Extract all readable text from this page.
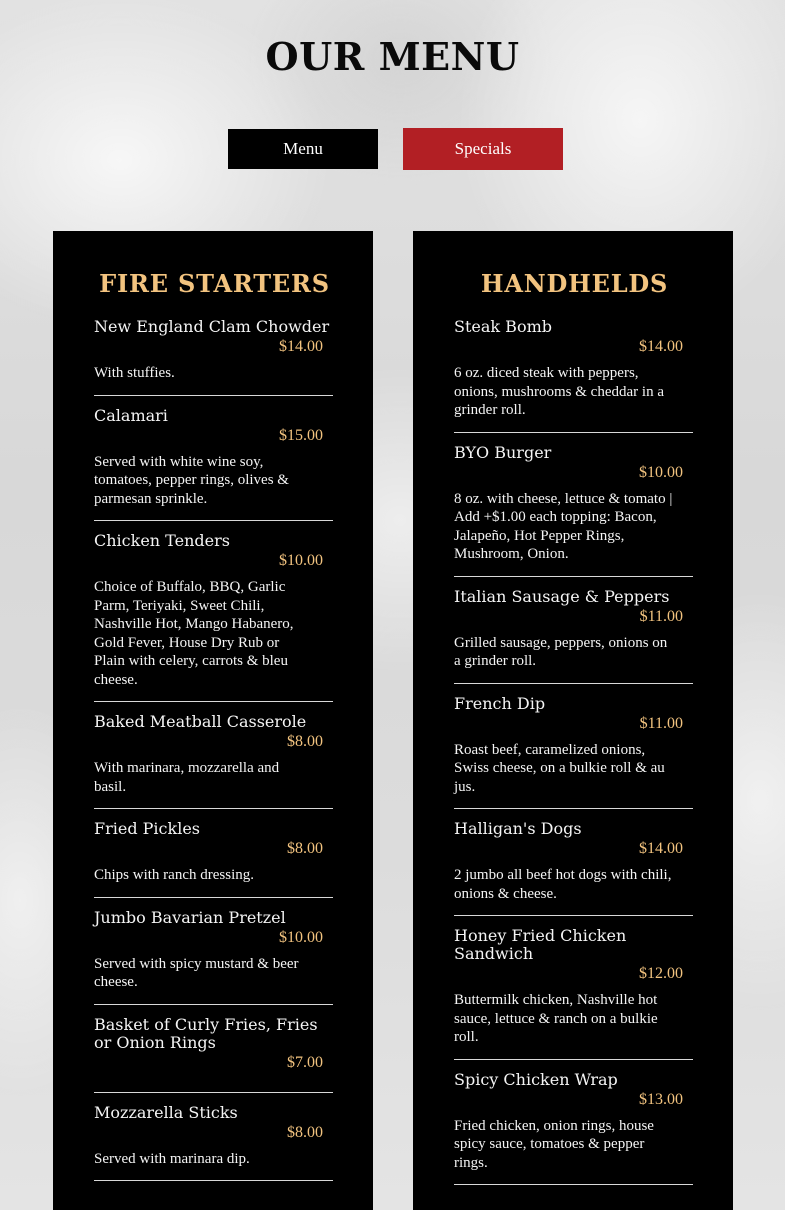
OUR MENU
Menu	Specials
FIRE STARTERS
New England Clam Chowder
$14.00
With stuffies.
Calamari
$15.00
Served with white wine soy, tomatoes, pepper rings, olives & parmesan sprinkle.
Chicken Tenders
$10.00
Choice of Buffalo, BBQ, Garlic Parm, Teriyaki, Sweet Chili, Nashville Hot, Mango Habanero, Gold Fever, House Dry Rub or Plain with celery, carrots & bleu cheese.
Baked Meatball Casserole
$8.00
With marinara, mozzarella and basil.
Fried Pickles
$8.00
Chips with ranch dressing.
Jumbo Bavarian Pretzel
$10.00
Served with spicy mustard & beer cheese.
Basket of Curly Fries, Fries or Onion Rings
$7.00
Mozzarella Sticks
$8.00
Served with marinara dip.
HANDHELDS
Steak Bomb
$14.00
6 oz. diced steak with peppers, onions, mushrooms & cheddar in a grinder roll.
BYO Burger
$10.00
8 oz. with cheese, lettuce & tomato | Add +$1.00 each topping: Bacon, Jalapeño, Hot Pepper Rings, Mushroom, Onion.
Italian Sausage & Peppers
$11.00
Grilled sausage, peppers, onions on a grinder roll.
French Dip
$11.00
Roast beef, caramelized onions, Swiss cheese, on a bulkie roll & au jus.
Halligan's Dogs
$14.00
2 jumbo all beef hot dogs with chili, onions & cheese.
Honey Fried Chicken Sandwich
$12.00
Buttermilk chicken, Nashville hot sauce, lettuce & ranch on a bulkie roll.
Spicy Chicken Wrap
$13.00
Fried chicken, onion rings, house spicy sauce, tomatoes & pepper rings.
